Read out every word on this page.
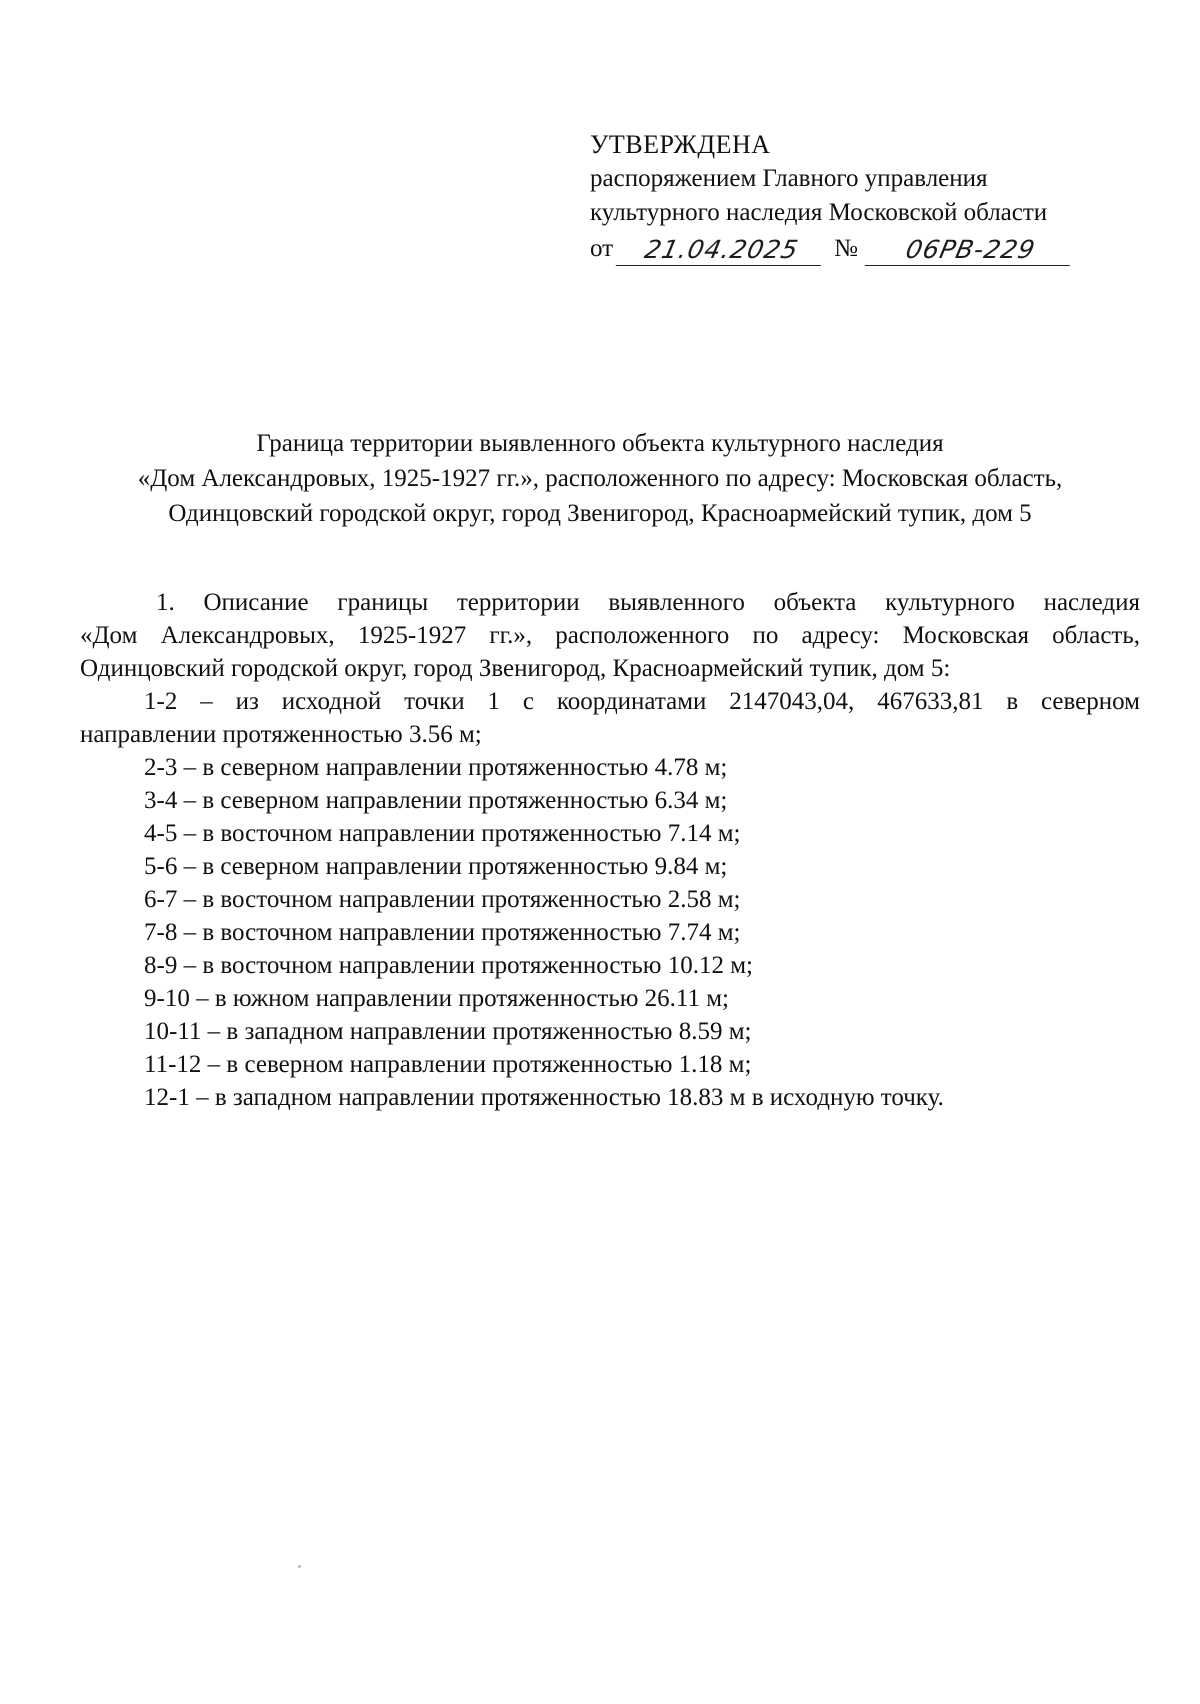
УТВЕРЖДЕНА
распоряжением Главного управления
культурного наследия Московской области
от	21.04.2025	№	06РВ-229
Граница территории выявленного объекта культурного наследия
«Дом Александровых, 1925-1927 гг.», расположенного по адресу: Московская область,
Одинцовский городской округ, город Звенигород, Красноармейский тупик, дом 5
1. Описание границы территории выявленного объекта культурного наследия
«Дом Александровых, 1925-1927 гг.», расположенного по адресу: Московская область,
Одинцовский городской округ, город Звенигород, Красноармейский тупик, дом 5:
1-2 – из исходной точки 1 с координатами 2147043,04, 467633,81 в северном
направлении протяженностью 3.56 м;
2-3 – в северном направлении протяженностью 4.78 м;
3-4 – в северном направлении протяженностью 6.34 м;
4-5 – в восточном направлении протяженностью 7.14 м;
5-6 – в северном направлении протяженностью 9.84 м;
6-7 – в восточном направлении протяженностью 2.58 м;
7-8 – в восточном направлении протяженностью 7.74 м;
8-9 – в восточном направлении протяженностью 10.12 м;
9-10 – в южном направлении протяженностью 26.11 м;
10-11 – в западном направлении протяженностью 8.59 м;
11-12 – в северном направлении протяженностью 1.18 м;
12-1 – в западном направлении протяженностью 18.83 м в исходную точку.
